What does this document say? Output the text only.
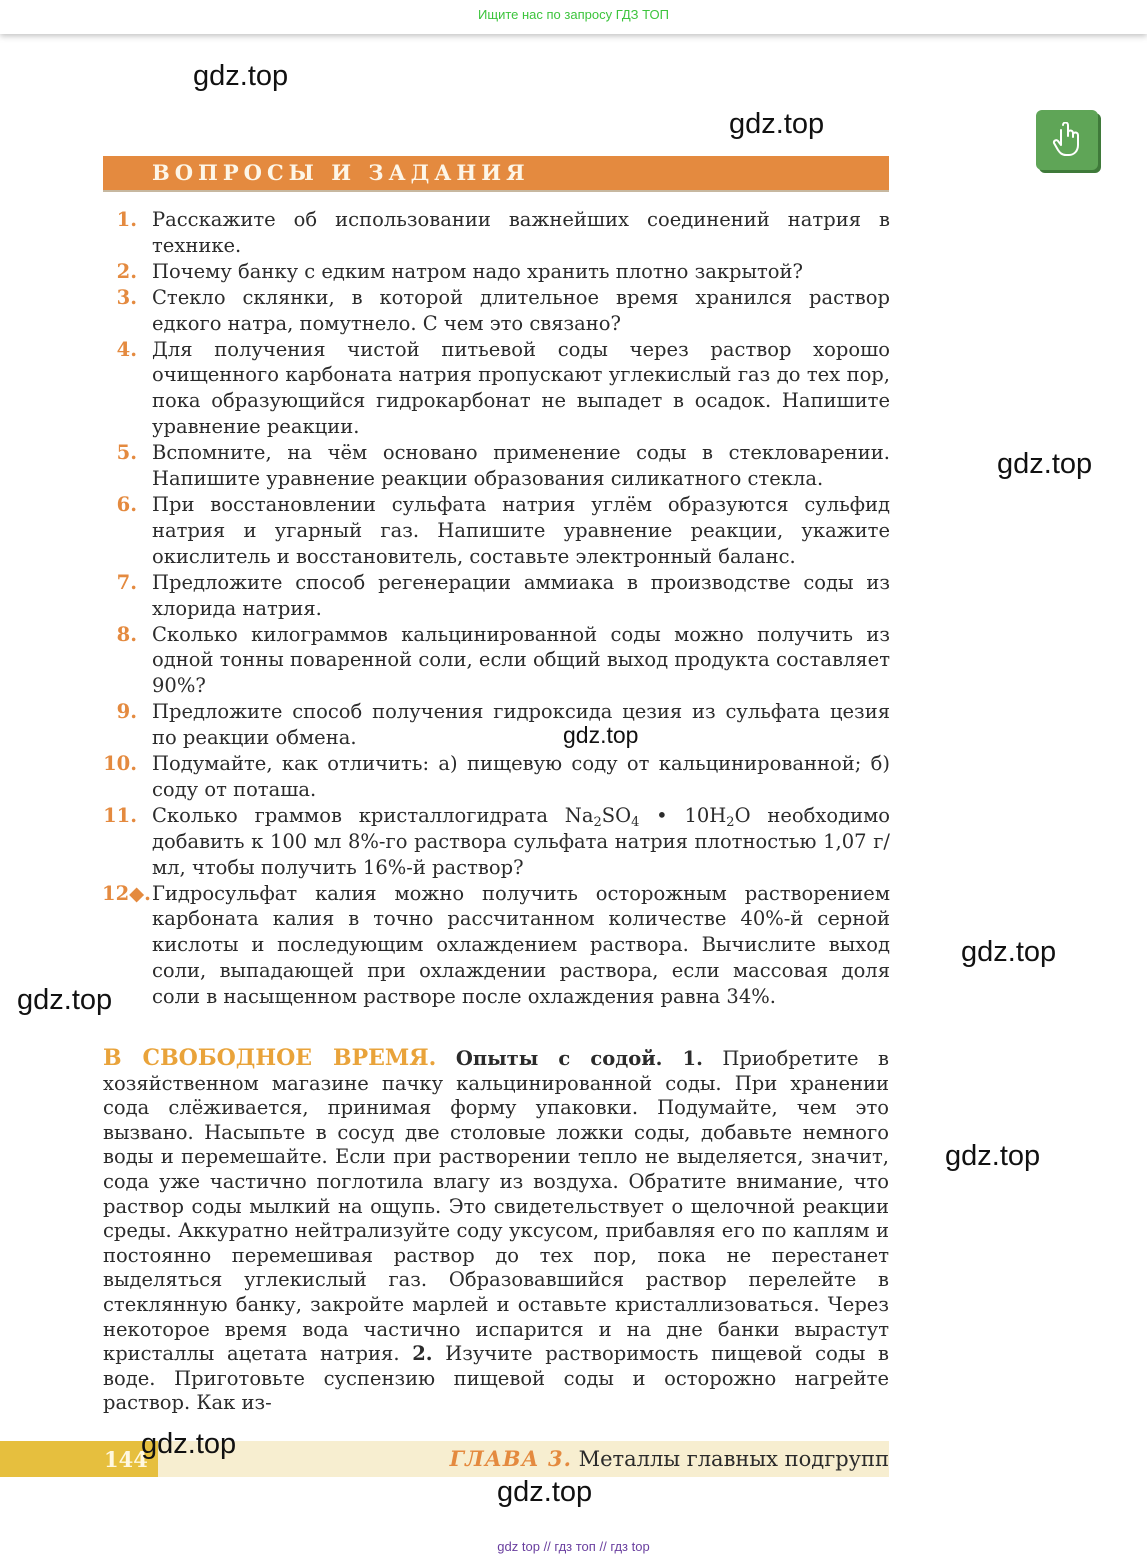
Ищите нас по запросу ГДЗ ТОП
ВОПРОСЫ И ЗАДАНИЯ
1. Расскажите об использовании важнейших соединений натрия в технике.
2. Почему банку с едким натром надо хранить плотно закрытой?
3. Стекло склянки, в которой длительное время хранился раствор едкого натра, помутнело. С чем это связано?
4. Для получения чистой питьевой соды через раствор хорошо очищенного карбоната натрия пропускают углекислый газ до тех пор, пока образующийся гидрокарбонат не выпадет в осадок. Напишите уравнение реакции.
5. Вспомните, на чём основано применение соды в стекловарении. Напишите уравнение реакции образования силикатного стекла.
6. При восстановлении сульфата натрия углём образуются сульфид натрия и угарный газ. Напишите уравнение реакции, укажите окислитель и восстановитель, составьте электронный баланс.
7. Предложите способ регенерации аммиака в производстве соды из хлорида натрия.
8. Сколько килограммов кальцинированной соды можно получить из одной тонны поваренной соли, если общий выход продукта составляет 90%?
9. Предложите способ получения гидроксида цезия из сульфата цезия по реакции обмена.
10. Подумайте, как отличить: а) пищевую соду от кальцинированной; б) соду от поташа.
11. Сколько граммов кристаллогидрата $Na_2SO_4$ • $10H_2O$ необходимо добавить к 100 мл 8%-го раствора сульфата натрия плотностью 1,07 г/мл, чтобы получить 16%-й раствор?
12◆. Гидросульфат калия можно получить осторожным растворением карбоната калия в точно рассчитанном количестве 40%-й серной кислоты и последующим охлаждением раствора. Вычислите выход соли, выпадающей при охлаждении раствора, если массовая доля соли в насыщенном растворе после охлаждения равна 34%.
В СВОБОДНОЕ ВРЕМЯ. Опыты с содой. 1. Приобретите в хозяйственном магазине пачку кальцинированной соды. При хранении сода слёживается, принимая форму упаковки. Подумайте, чем это вызвано. Насыпьте в сосуд две столовые ложки соды, добавьте немного воды и перемешайте. Если при растворении тепло не выделяется, значит, сода уже частично поглотила влагу из воздуха. Обратите внимание, что раствор соды мылкий на ощупь. Это свидетельствует о щелочной реакции среды. Аккуратно нейтрализуйте соду уксусом, прибавляя его по каплям и постоянно перемешивая раствор до тех пор, пока не перестанет выделяться углекислый газ. Образовавшийся раствор перелейте в стеклянную банку, закройте марлей и оставьте кристаллизоваться. Через некоторое время вода частично испарится и на дне банки вырастут кристаллы ацетата натрия. 2. Изучите растворимость пищевой соды в воде. Приготовьте суспензию пищевой соды и осторожно нагрейте раствор. Как из-
144	ГЛАВА 3. Металлы главных подгрупп
gdz.top
gdz.top
gdz.top
gdz.top
gdz.top
gdz.top
gdz.top
gdz.top
gdz.top
gdz top // гдз топ // гдз top
